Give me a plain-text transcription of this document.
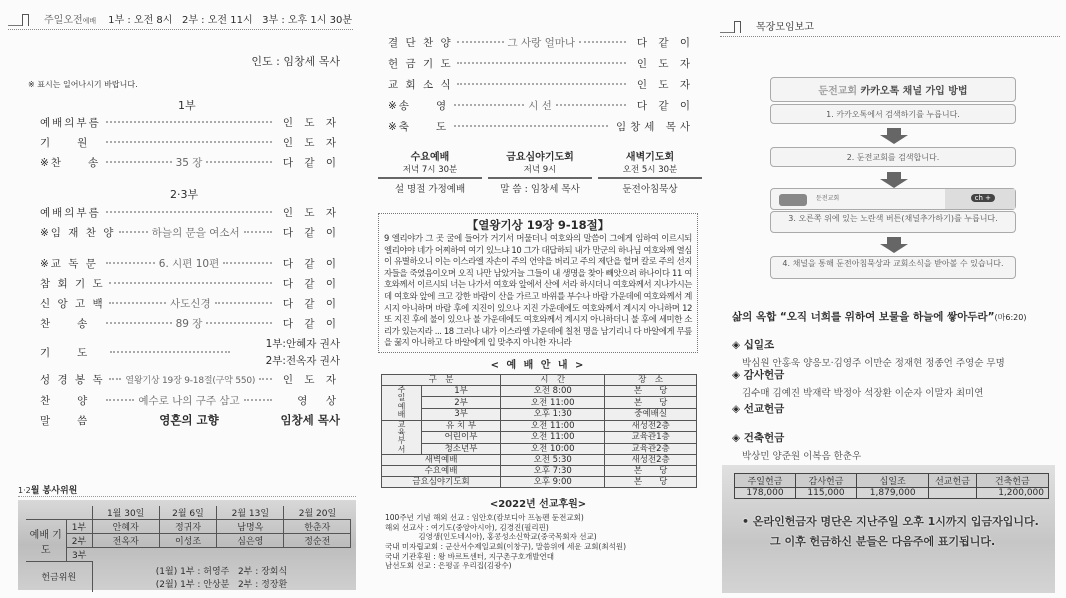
주일오전예배 1부 : 오전 8시   2부 : 오전 11시   3부 : 오후 1시 30분
인도 : 임창세 목사
※ 표시는 일어나시기 바랍니다.
1부
예배의부름	인 도 자
기　　원	인 도 자
※찬　　송	35 장	다 같 이
2·3부
예배의부름	인 도 자
※임 재 찬 양	하늘의 문을 여소서	다 같 이
※교 독 문	6. 시편 10편	다 같 이
참 회 기 도	다 같 이
신 앙 고 백	사도신경	다 같 이
찬　　송	89 장	다 같 이
기　　도
1부:안혜자 권사
2부:전옥자 권사
성 경 봉 독 열왕기상 19장 9-18절(구약 550)	인 도 자
찬　　양	예수로 나의 구주 삼고	영　상
말　　씀	영혼의 고향	임창세 목사
1·2월 봉사위원
		1월 30일	2월 6일	2월 13일	2월 20일
예배 기도	1부	안혜자	정귀자	남명옥	한춘자
	2부	전옥자	이성조	심은영	정순전
	3부				
헌금위원		(1월) 1부 : 허영주   2부 : 장회식
(2월) 1부 : 안상분   2부 : 정장환			
결 단 찬 양	그 사랑 얼마나	다 같 이
헌 금 기 도	인 도 자
교 회 소 식	인 도 자
※송　　영	시 선	다 같 이
※축　　도	임창세 목사
수요예배
저녁 7시 30분
설 명절 가정예배
금요심야기도회
저녁 9시
말 씀 : 임창세 목사
새벽기도회
오전 5시 30분
둔전아침묵상
【열왕기상 19장 9-18절】
9 엘리야가 그 곳 굴에 들어가 거기서 머물더니 여호와의 말씀이 그에게 임하여 이르시되 엘리야야 네가 어찌하여 여기 있느냐 10 그가 대답하되 내가 만군의 하나님 여호와께 열심이 유별하오니 이는 이스라엘 자손이 주의 언약을 버리고 주의 제단을 헐며 칼로 주의 선지자들을 죽였음이오며 오직 나만 남았거늘 그들이 내 생명을 찾아 빼앗으려 하나이다 11 여호와께서 이르시되 너는 나가서 여호와 앞에서 산에 서라 하시더니 여호와께서 지나가시는데 여호와 앞에 크고 강한 바람이 산을 가르고 바위를 부수나 바람 가운데에 여호와께서 계시지 아니하며 바람 후에 지진이 있으나 지진 가운데에도 여호와께서 계시지 아니하며 12 또 지진 후에 불이 있으나 불 가운데에도 여호와께서 계시지 아니하더니 불 후에 세미한 소리가 있는지라 ... 18 그러나 내가 이스라엘 가운데에 칠천 명을 남기리니 다 바알에게 무릎을 꿇지 아니하고 다 바알에게 입 맞추지 아니한 자니라
< 예 배 안 내 >
구　분		시　간	장　소
주일예배	1부	오전 8:00	본　　당
	2부	오전 11:00	본　　당
	3부	오후 1:30	중예배실
교육부서	유 치 부	오전 11:00	새성전2층
	어린이부	오전 11:00	교육관1층
	청소년부	오전 10:00	교육관2층
새벽예배		오전 5:30	새성전2층
수요예배		오후 7:30	본　　당
금요심야기도회		오후 9:00	본　　당
<2022년 선교후원>
100주년 기념 해외 선교 : 임안호(캄보디아 프놈펜 둔전교회)
해외 선교사 : 여기도(중앙아시아), 김경진(필리핀)
김영생(인도네시아), 홍콩성소신학교(중국목회자 선교)
국내 미자립교회 : 군산서수제일교회(이창구), 말씀위에 세운 교회(최석원)
국내 기관후원 : 왕 바르트센터, 지구촌구호개발연대
남선도회 선교 : 은평골 우리집(김광수)
목장모임보고
둔전교회 카카오톡 채널 가입 방법
1. 카카오톡에서 검색하기를 누릅니다.
2. 둔전교회를 검색합니다.
둔전교회	ch +
3. 오른쪽 위에 있는 노란색 버튼(채널추가하기)를 누릅니다.
4. 채널을 통해 둔전아침묵상과 교회소식을 받아볼 수 있습니다.
삶의 옥합 “오직 너희를 위하여 보물을 하늘에 쌓아두라”(마6:20)
◈ 십일조
박심원 안홍욱 양응모·김영주 이만순 정재현 정종언 주영순 무명
◈ 감사헌금
김수매 김예진 박재락 박정아 석장환 이순자 이말자 최미연
◈ 선교헌금
◈ 건축헌금
박상민 양준원 이복음 한춘우
주일헌금	감사헌금	십일조	선교헌금	건축헌금
178,000	115,000	1,879,000		1,200,000
• 온라인헌금자 명단은 지난주일 오후 1시까지 입금자입니다.
그 이후 헌금하신 분들은 다음주에 표기됩니다.
